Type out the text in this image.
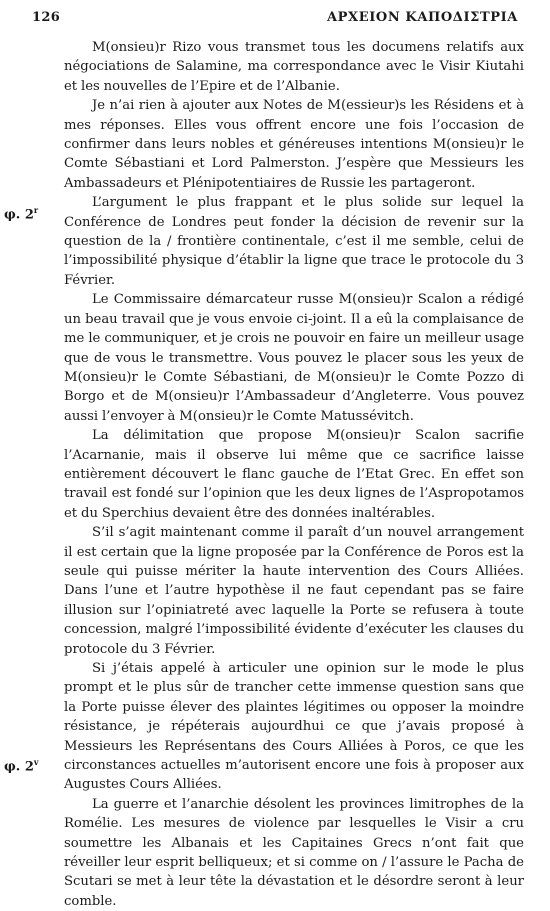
126	ΑΡΧΕΙΟΝ ΚΑΠΟΔΙΣΤΡΙΑ
φ. 2$^r$
φ. 2$^v$

M(onsieu)r Rizo vous transmet tous les documens relatifs aux négociations de Salamine, ma correspondance avec le Visir Kiutahi et les nouvelles de l’Epire et de l’Albanie.

Je n’ai rien à ajouter aux Notes de M(essieur)s les Résidens et à mes réponses. Elles vous offrent encore une fois l’occasion de confirmer dans leurs nobles et généreuses intentions M(onsieu)r le Comte Sébastiani et Lord Palmerston. J’espère que Messieurs les Ambassadeurs et Plénipotentiaires de Russie les partageront.

L’argument le plus frappant et le plus solide sur lequel la Conférence de Londres peut fonder la décision de revenir sur la question de la / frontière continentale, c’est il me semble, celui de l’impossibilité physique d’établir la ligne que trace le protocole du 3 Février.

Le Commissaire démarcateur russe M(onsieu)r Scalon a rédigé un beau travail que je vous envoie ci-joint. Il a eû la complaisance de me le communiquer, et je crois ne pouvoir en faire un meilleur usage que de vous le transmettre. Vous pouvez le placer sous les yeux de M(onsieu)r le Comte Sébastiani, de M(onsieu)r le Comte Pozzo di Borgo et de M(onsieu)r l’Ambassadeur d’Angleterre. Vous pouvez aussi l’envoyer à M(onsieu)r le Comte Matussévitch.

La délimitation que propose M(onsieu)r Scalon sacrifie l’Acarnanie, mais il observe lui même que ce sacrifice laisse entièrement découvert le flanc gauche de l’Etat Grec. En effet son travail est fondé sur l’opinion que les deux lignes de l’Aspropotamos et du Sperchius devaient être des données inaltérables.

S’il s’agit maintenant comme il paraît d’un nouvel arrangement il est certain que la ligne proposée par la Conférence de Poros est la seule qui puisse mériter la haute intervention des Cours Alliées. Dans l’une et l’autre hypothèse il ne faut cependant pas se faire illusion sur l’opiniatreté avec laquelle la Porte se refusera à toute concession, malgré l’impossibilité évidente d’exécuter les clauses du protocole du 3 Février.

Si j’étais appelé à articuler une opinion sur le mode le plus prompt et le plus sûr de trancher cette immense question sans que la Porte puisse élever des plaintes légitimes ou opposer la moindre résistance, je répéterais aujourdhui ce que j’avais proposé à Messieurs les Représentans des Cours Alliées à Poros, ce que les circonstances actuelles m’autorisent encore une fois à proposer aux Augustes Cours Alliées.

La guerre et l’anarchie désolent les provinces limitrophes de la Romélie. Les mesures de violence par lesquelles le Visir a cru soumettre les Albanais et les Capitaines Grecs n’ont fait que réveiller leur esprit belliqueux; et si comme on / l’assure le Pacha de Scutari se met à leur tête la dévastation et le désordre seront à leur comble.
